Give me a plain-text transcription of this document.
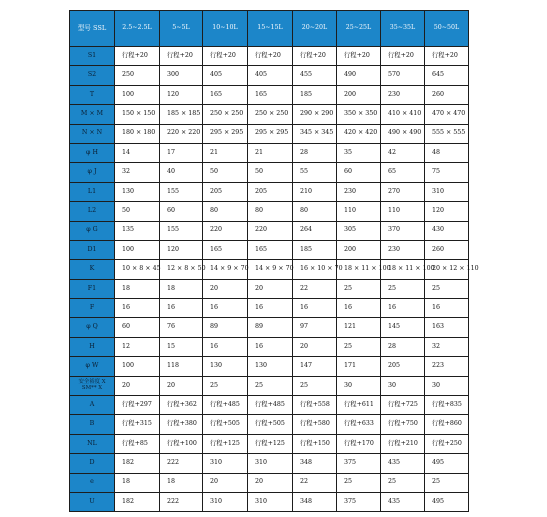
型号 SSL	2.5~2.5L	5~5L	10~10L	15~15L	20~20L	25~25L	35~35L	50~50L
S1	行程+20	行程+20	行程+20	行程+20	行程+20	行程+20	行程+20	行程+20
S2	250	300	405	405	455	490	570	645
T	100	120	165	165	185	200	230	260
M × M	150 × 150	185 × 185	250 × 250	250 × 250	290 × 290	350 × 350	410 × 410	470 × 470
N × N	180 × 180	220 × 220	295 × 295	295 × 295	345 × 345	420 × 420	490 × 490	555 × 555
φ H	14	17	21	21	28	35	42	48
φ J	32	40	50	50	55	60	65	75
L1	130	155	205	205	210	230	270	310
L2	50	60	80	80	80	110	110	120
φ G	135	155	220	220	264	305	370	430
D1	100	120	165	165	185	200	230	260
K	10 × 8 × 45	12 × 8 × 50	14 × 9 × 70	14 × 9 × 70	16 × 10 × 70	18 × 11 × 100	18 × 11 × 100	20 × 12 × 110
F1	18	18	20	20	22	25	25	25
F	16	16	16	16	16	16	16	16
φ Q	60	76	89	89	97	121	145	163
H	12	15	16	16	20	25	28	32
φ W	100	118	130	130	147	171	205	223
安全裕度 X SM** X	20	20	25	25	25	30	30	30
A	行程+297	行程+362	行程+485	行程+485	行程+558	行程+611	行程+725	行程+835
B	行程+315	行程+380	行程+505	行程+505	行程+580	行程+633	行程+750	行程+860
NL	行程+85	行程+100	行程+125	行程+125	行程+150	行程+170	行程+210	行程+250
D	182	222	310	310	348	375	435	495
e	18	18	20	20	22	25	25	25
U	182	222	310	310	348	375	435	495
